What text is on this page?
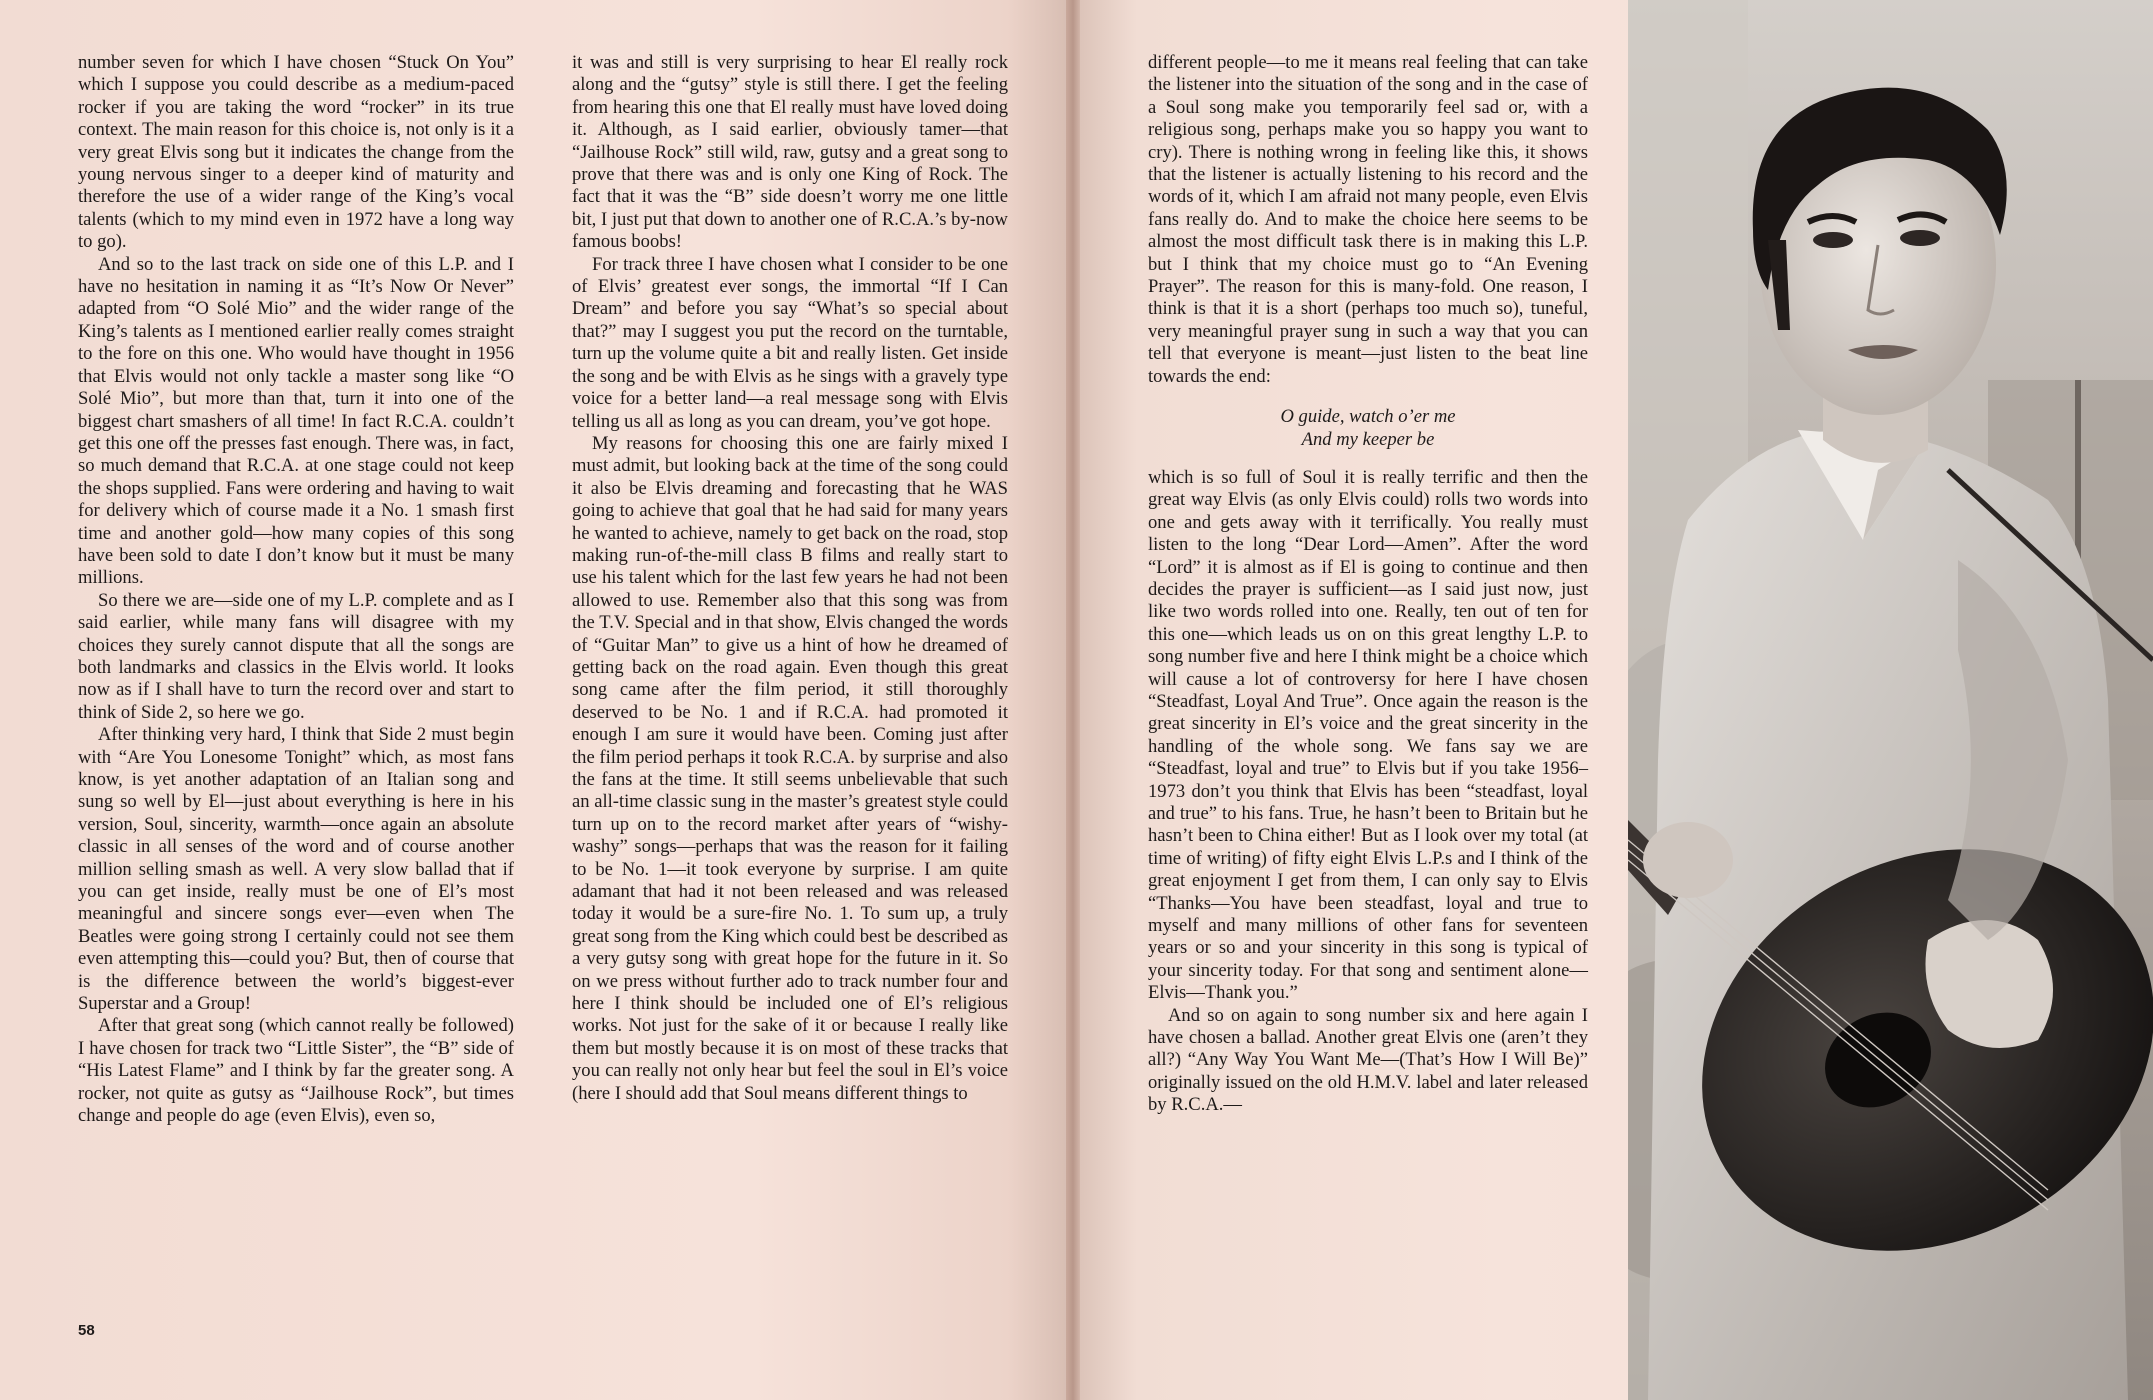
number seven for which I have chosen “Stuck On You” which I suppose you could describe as a medium-paced rocker if you are taking the word “rocker” in its true context. The main reason for this choice is, not only is it a very great Elvis song but it indicates the change from the young nervous singer to a deeper kind of maturity and therefore the use of a wider range of the King’s vocal talents (which to my mind even in 1972 have a long way to go).

And so to the last track on side one of this L.P. and I have no hesitation in naming it as “It’s Now Or Never” adapted from “O Solé Mio” and the wider range of the King’s talents as I mentioned earlier really comes straight to the fore on this one. Who would have thought in 1956 that Elvis would not only tackle a master song like “O Solé Mio”, but more than that, turn it into one of the biggest chart smashers of all time! In fact R.C.A. couldn’t get this one off the presses fast enough. There was, in fact, so much demand that R.C.A. at one stage could not keep the shops supplied. Fans were ordering and having to wait for delivery which of course made it a No. 1 smash first time and another gold—how many copies of this song have been sold to date I don’t know but it must be many millions.

So there we are—side one of my L.P. complete and as I said earlier, while many fans will disagree with my choices they surely cannot dispute that all the songs are both landmarks and classics in the Elvis world. It looks now as if I shall have to turn the record over and start to think of Side 2, so here we go.

After thinking very hard, I think that Side 2 must begin with “Are You Lonesome Tonight” which, as most fans know, is yet another adaptation of an Italian song and sung so well by El—just about everything is here in his version, Soul, sincerity, warmth—once again an absolute classic in all senses of the word and of course another million selling smash as well. A very slow ballad that if you can get inside, really must be one of El’s most meaningful and sincere songs ever—even when The Beatles were going strong I certainly could not see them even attempting this—could you? But, then of course that is the difference between the world’s biggest-ever Superstar and a Group!

After that great song (which cannot really be followed) I have chosen for track two “Little Sister”, the “B” side of “His Latest Flame” and I think by far the greater song. A rocker, not quite as gutsy as “Jailhouse Rock”, but times change and people do age (even Elvis), even so,

it was and still is very surprising to hear El really rock along and the “gutsy” style is still there. I get the feeling from hearing this one that El really must have loved doing it. Although, as I said earlier, obviously tamer—that “Jailhouse Rock” still wild, raw, gutsy and a great song to prove that there was and is only one King of Rock. The fact that it was the “B” side doesn’t worry me one little bit, I just put that down to another one of R.C.A.’s by-now famous boobs!

For track three I have chosen what I consider to be one of Elvis’ greatest ever songs, the immortal “If I Can Dream” and before you say “What’s so special about that?” may I suggest you put the record on the turntable, turn up the volume quite a bit and really listen. Get inside the song and be with Elvis as he sings with a gravely type voice for a better land—a real message song with Elvis telling us all as long as you can dream, you’ve got hope.

My reasons for choosing this one are fairly mixed I must admit, but looking back at the time of the song could it also be Elvis dreaming and forecasting that he WAS going to achieve that goal that he had said for many years he wanted to achieve, namely to get back on the road, stop making run-of-the-mill class B films and really start to use his talent which for the last few years he had not been allowed to use. Remember also that this song was from the T.V. Special and in that show, Elvis changed the words of “Guitar Man” to give us a hint of how he dreamed of getting back on the road again. Even though this great song came after the film period, it still thoroughly deserved to be No. 1 and if R.C.A. had promoted it enough I am sure it would have been. Coming just after the film period perhaps it took R.C.A. by surprise and also the fans at the time. It still seems unbelievable that such an all-time classic sung in the master’s greatest style could turn up on to the record market after years of “wishy-washy” songs—perhaps that was the reason for it failing to be No. 1—it took everyone by surprise. I am quite adamant that had it not been released and was released today it would be a sure-fire No. 1. To sum up, a truly great song from the King which could best be described as a very gutsy song with great hope for the future in it. So on we press without further ado to track number four and here I think should be included one of El’s religious works. Not just for the sake of it or because I really like them but mostly because it is on most of these tracks that you can really not only hear but feel the soul in El’s voice (here I should add that Soul means different things to

different people—to me it means real feeling that can take the listener into the situation of the song and in the case of a Soul song make you temporarily feel sad or, with a religious song, perhaps make you so happy you want to cry). There is nothing wrong in feeling like this, it shows that the listener is actually listening to his record and the words of it, which I am afraid not many people, even Elvis fans really do. And to make the choice here seems to be almost the most difficult task there is in making this L.P. but I think that my choice must go to “An Evening Prayer”. The reason for this is many-fold. One reason, I think is that it is a short (perhaps too much so), tuneful, very meaningful prayer sung in such a way that you can tell that everyone is meant—just listen to the beat line towards the end:

O guide, watch o’er me
And my keeper be

which is so full of Soul it is really terrific and then the great way Elvis (as only Elvis could) rolls two words into one and gets away with it terrifically. You really must listen to the long “Dear Lord—Amen”. After the word “Lord” it is almost as if El is going to continue and then decides the prayer is sufficient—as I said just now, just like two words rolled into one. Really, ten out of ten for this one—which leads us on on this great lengthy L.P. to song number five and here I think might be a choice which will cause a lot of controversy for here I have chosen “Steadfast, Loyal And True”. Once again the reason is the great sincerity in El’s voice and the great sincerity in the handling of the whole song. We fans say we are “Steadfast, loyal and true” to Elvis but if you take 1956–1973 don’t you think that Elvis has been “steadfast, loyal and true” to his fans. True, he hasn’t been to Britain but he hasn’t been to China either! But as I look over my total (at time of writing) of fifty eight Elvis L.P.s and I think of the great enjoyment I get from them, I can only say to Elvis “Thanks—You have been steadfast, loyal and true to myself and many millions of other fans for seventeen years or so and your sincerity in this song is typical of your sincerity today. For that song and sentiment alone—Elvis—Thank you.”

And so on again to song number six and here again I have chosen a ballad. Another great Elvis one (aren’t they all?) “Any Way You Want Me—(That’s How I Will Be)” originally issued on the old H.M.V. label and later released by R.C.A.—

58
